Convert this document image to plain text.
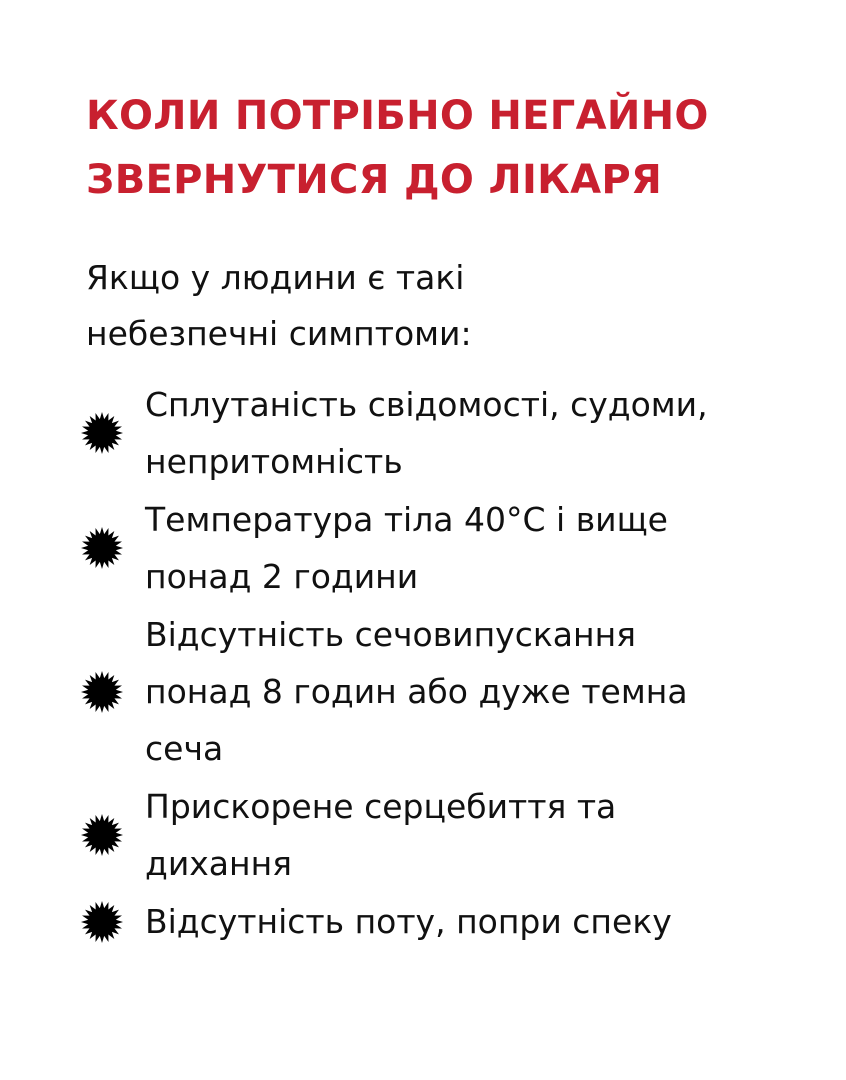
КОЛИ ПОТРІБНО НЕГАЙНО
ЗВЕРНУТИСЯ ДО ЛІКАРЯ

Якщо у людини є такі
небезпечні симптоми:

Сплутаність свідомості, судоми,
непритомність
Температура тіла 40°С і вище
понад 2 години
Відсутність сечовипускання
понад 8 годин або дуже темна
сеча
Прискорене серцебиття та
дихання
Відсутність поту, попри спеку
